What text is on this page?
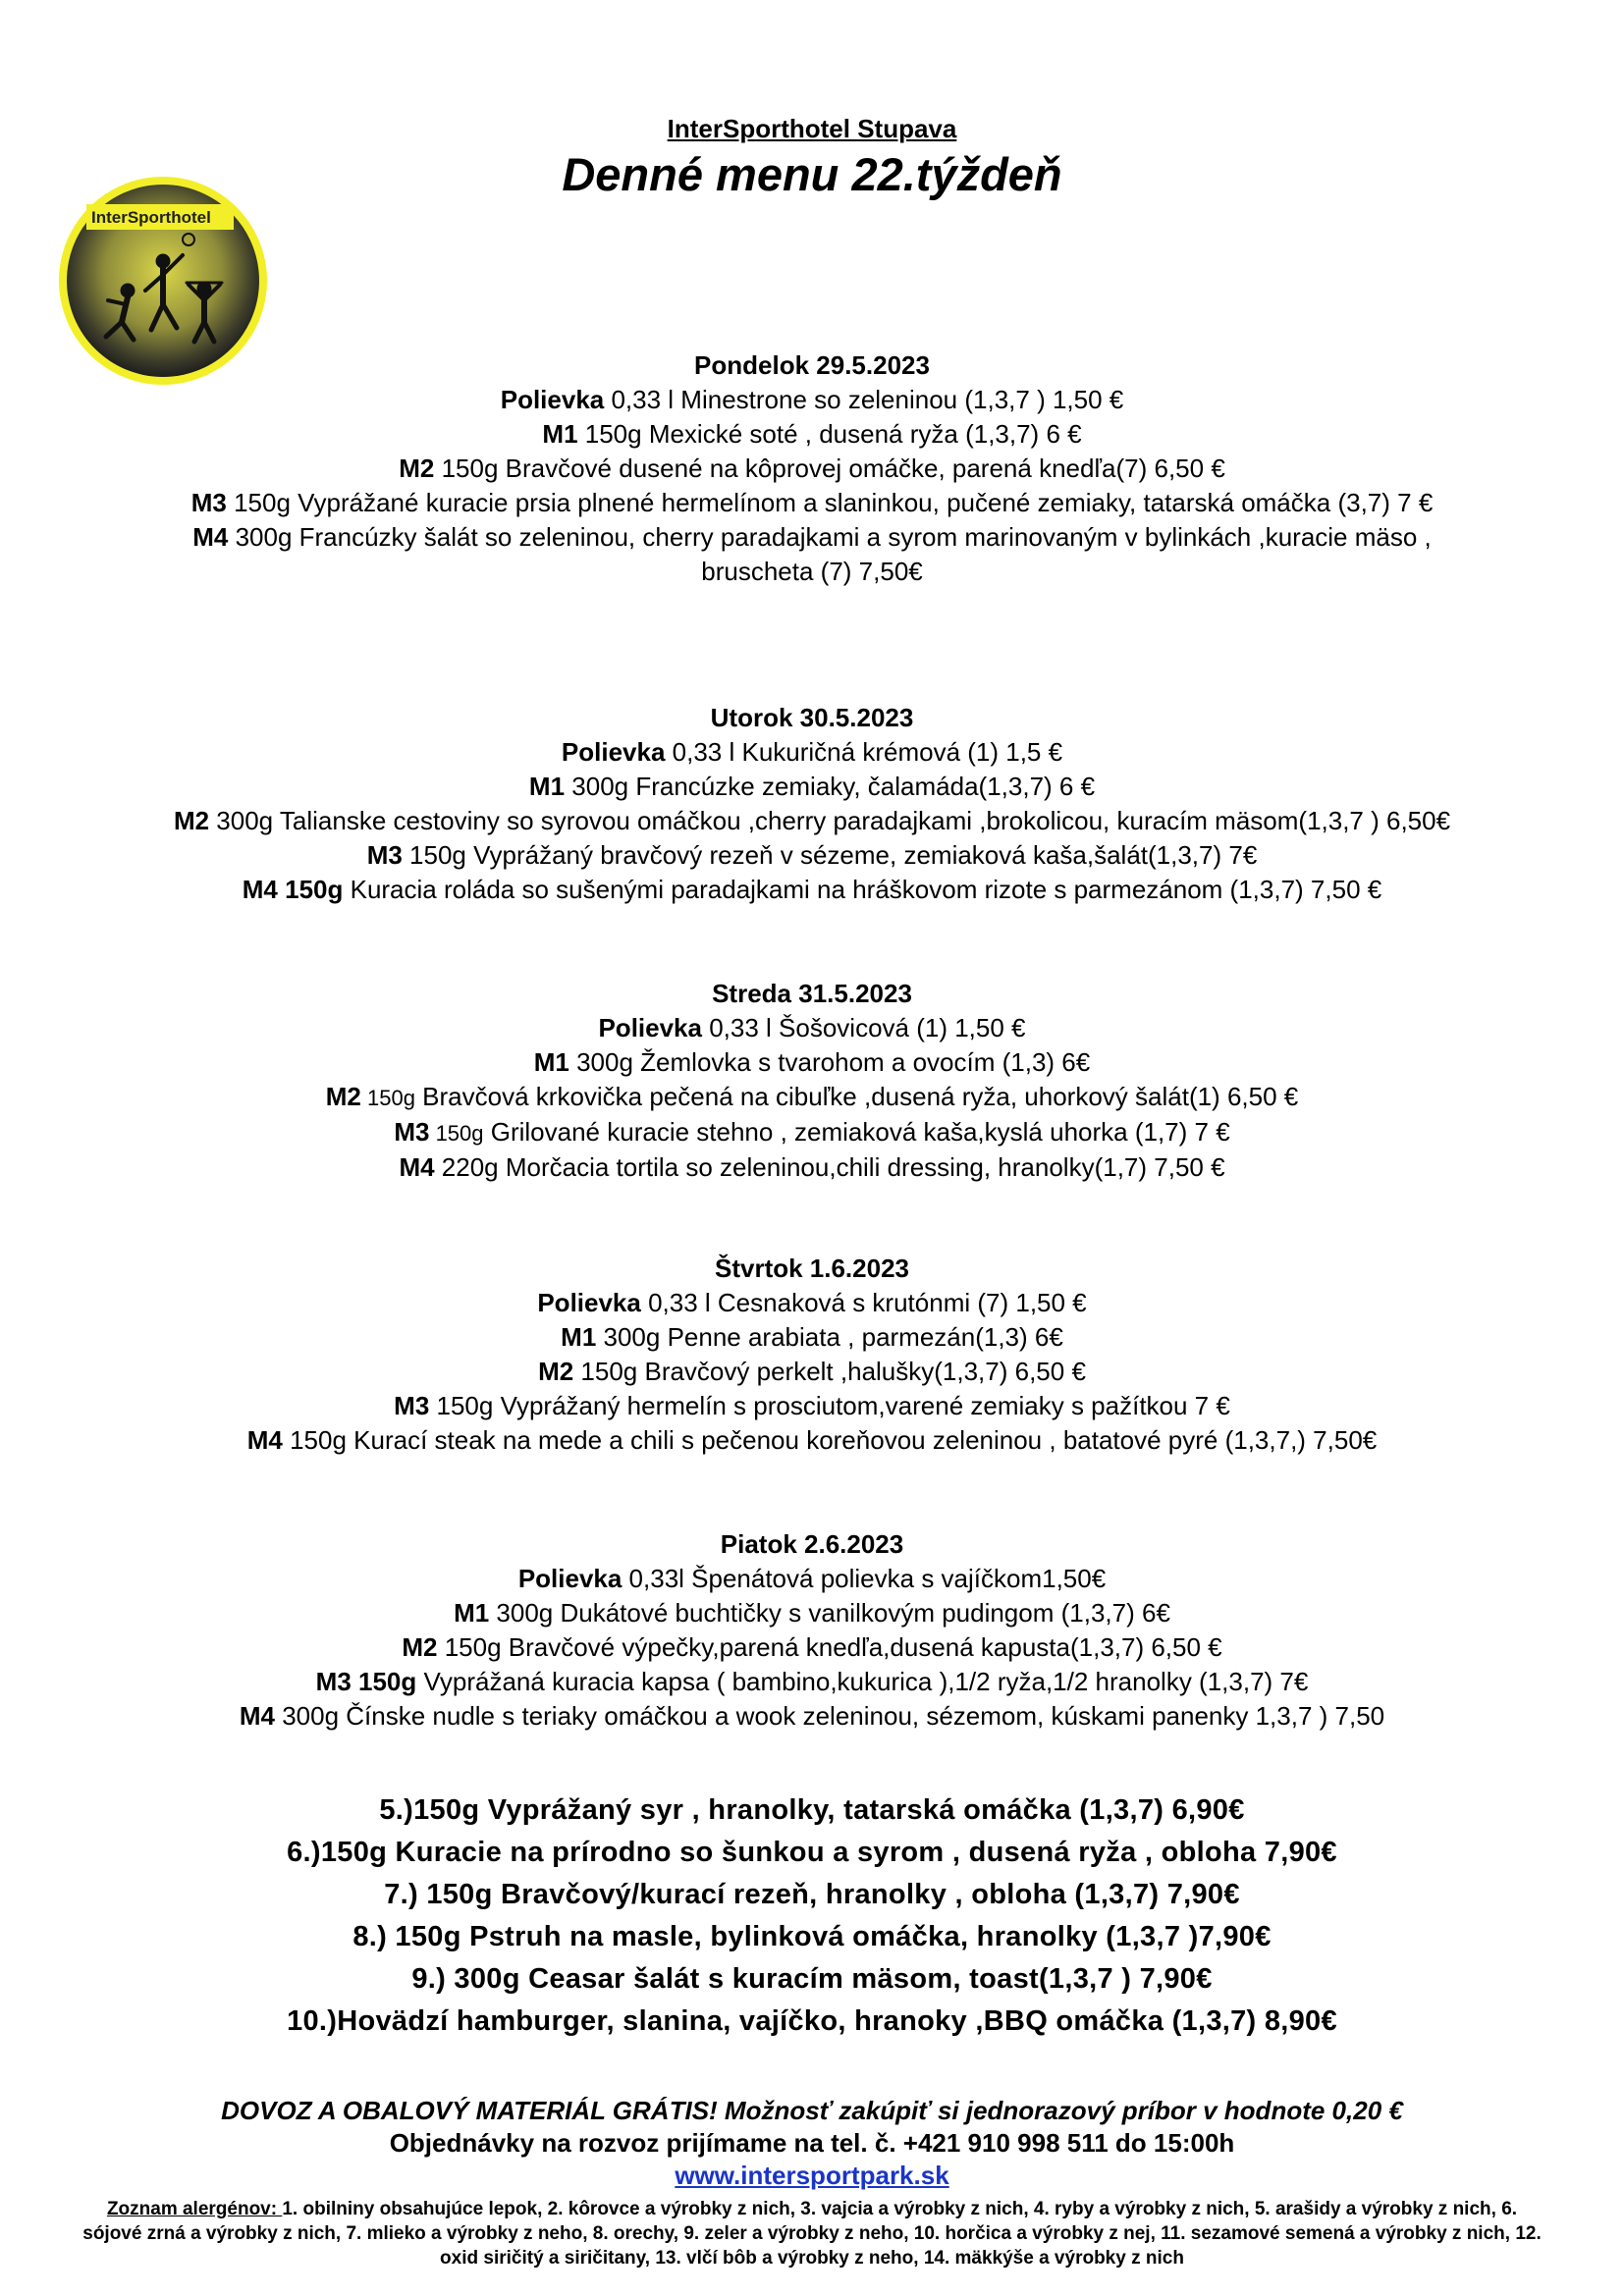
InterSporthotel
InterSporthotel Stupava
Denné menu 22.týždeň
Pondelok 29.5.2023
Polievka 0,33 l Minestrone so zeleninou (1,3,7 ) 1,50 €
M1 150g Mexické soté , dusená ryža (1,3,7) 6 €
M2 150g Bravčové dusené na kôprovej omáčke, parená knedľa(7) 6,50 €
M3 150g Vyprážané kuracie prsia plnené hermelínom a slaninkou, pučené zemiaky, tatarská omáčka (3,7) 7 €
M4 300g Francúzky šalát so zeleninou, cherry paradajkami a syrom marinovaným v bylinkách ,kuracie mäso ,
bruscheta (7) 7,50€
Utorok 30.5.2023
Polievka 0,33 l Kukuričná krémová (1) 1,5 €
M1 300g Francúzke zemiaky, čalamáda(1,3,7) 6 €
M2 300g Talianske cestoviny so syrovou omáčkou ,cherry paradajkami ,brokolicou, kuracím mäsom(1,3,7 ) 6,50€
M3 150g Vyprážaný bravčový rezeň v sézeme, zemiaková kaša,šalát(1,3,7) 7€
M4 150g Kuracia roláda so sušenými paradajkami na hráškovom rizote s parmezánom (1,3,7) 7,50 €
Streda 31.5.2023
Polievka 0,33 l Šošovicová (1) 1,50 €
M1 300g Žemlovka s tvarohom a ovocím (1,3) 6€
M2 150g Bravčová krkovička pečená na cibuľke ,dusená ryža, uhorkový šalát(1) 6,50 €
M3 150g Grilované kuracie stehno , zemiaková kaša,kyslá uhorka (1,7) 7 €
M4 220g Morčacia tortila so zeleninou,chili dressing, hranolky(1,7) 7,50 €
Štvrtok 1.6.2023
Polievka 0,33 l Cesnaková s krutónmi (7) 1,50 €
M1 300g Penne arabiata , parmezán(1,3) 6€
M2 150g Bravčový perkelt ,halušky(1,3,7) 6,50 €
M3 150g Vyprážaný hermelín s prosciutom,varené zemiaky s pažítkou 7 €
M4 150g Kurací steak na mede a chili s pečenou koreňovou zeleninou , batatové pyré (1,3,7,) 7,50€
Piatok 2.6.2023
Polievka 0,33l Špenátová polievka s vajíčkom1,50€
M1 300g Dukátové buchtičky s vanilkovým pudingom (1,3,7) 6€
M2 150g Bravčové výpečky,parená knedľa,dusená kapusta(1,3,7) 6,50 €
M3 150g Vyprážaná kuracia kapsa ( bambino,kukurica ),1/2 ryža,1/2 hranolky (1,3,7) 7€
M4 300g Čínske nudle s teriaky omáčkou a wook zeleninou, sézemom, kúskami panenky 1,3,7 ) 7,50
5.)150g Vyprážaný syr , hranolky, tatarská omáčka (1,3,7) 6,90€
6.)150g Kuracie na prírodno so šunkou a syrom , dusená ryža , obloha 7,90€
7.) 150g Bravčový/kurací rezeň, hranolky , obloha (1,3,7) 7,90€
8.) 150g Pstruh na masle, bylinková omáčka, hranolky (1,3,7 )7,90€
9.) 300g Ceasar šalát s kuracím mäsom, toast(1,3,7 ) 7,90€
10.)Hovädzí hamburger, slanina, vajíčko, hranoky ,BBQ omáčka (1,3,7) 8,90€
DOVOZ A OBALOVÝ MATERIÁL GRÁTIS! Možnosť zakúpiť si jednorazový príbor v hodnote 0,20 €
Objednávky na rozvoz prijímame na tel. č. +421 910 998 511 do 15:00h
www.intersportpark.sk
Zoznam alergénov: 1. obilniny obsahujúce lepok, 2. kôrovce a výrobky z nich, 3. vajcia a výrobky z nich, 4. ryby a výrobky z nich, 5. arašidy a výrobky z nich, 6. sójové zrná a výrobky z nich, 7. mlieko a výrobky z neho, 8. orechy, 9. zeler a výrobky z neho, 10. horčica a výrobky z nej, 11. sezamové semená a výrobky z nich, 12. oxid siričitý a siričitany, 13. vlčí bôb a výrobky z neho, 14. mäkkýše a výrobky z nich
